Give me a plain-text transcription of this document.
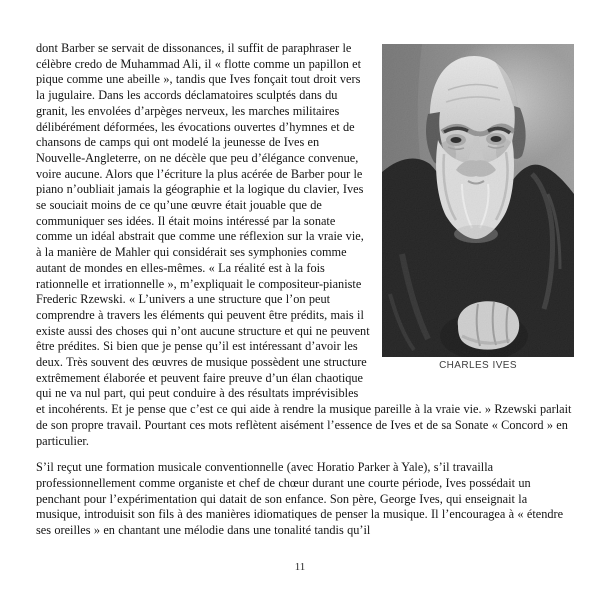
CHARLES IVES
dont Barber se servait de dissonances, il suffit de paraphraser le célèbre credo de Muhammad Ali, il « flotte comme un papillon et pique comme une abeille », tandis que Ives fonçait tout droit vers la jugulaire. Dans les accords déclamatoires sculptés dans du granit, les envolées d’arpèges nerveux, les marches militaires délibérément déformées, les évocations ouvertes d’hymnes et de chansons de camps qui ont modelé la jeunesse de Ives en Nouvelle-Angleterre, on ne décèle que peu d’élégance convenue, voire aucune. Alors que l’écriture la plus acérée de Barber pour le piano n’oubliait jamais la géographie et la logique du clavier, Ives se souciait moins de ce qu’une œuvre était jouable que de communiquer ses idées. Il était moins intéressé par la sonate comme un idéal abstrait que comme une réflexion sur la vraie vie, à la manière de Mahler qui considérait ses symphonies comme autant de mondes en elles-mêmes. « La réalité est à la fois rationnelle et irrationnelle », m’expliquait le compositeur-pianiste Frederic Rzewski. « L’univers a une structure que l’on peut comprendre à travers les éléments qui peuvent être prédits, mais il existe aussi des choses qui n’ont aucune structure et qui ne peuvent être prédites. Si bien que je pense qu’il est intéressant d’avoir les deux. Très souvent des œuvres de musique possèdent une structure extrêmement élaborée et peuvent faire preuve d’un élan chaotique qui ne va nul part, qui peut conduire à des résultats imprévisibles et incohérents. Et je pense que c’est ce qui aide à rendre la musique pareille à la vraie vie. » Rzewski parlait de son propre travail. Pourtant ces mots reflètent aisément l’essence de Ives et de sa Sonate « Concord » en particulier.
S’il reçut une formation musicale conventionnelle (avec Horatio Parker à Yale), s’il travailla professionnellement comme organiste et chef de chœur durant une courte période, Ives possédait un penchant pour l’expérimentation qui datait de son enfance. Son père, George Ives, qui enseignait la musique, introduisit son fils à des manières idiomatiques de penser la musique. Il l’encouragea à « étendre ses oreilles » en chantant une mélodie dans une tonalité tandis qu’il
11
